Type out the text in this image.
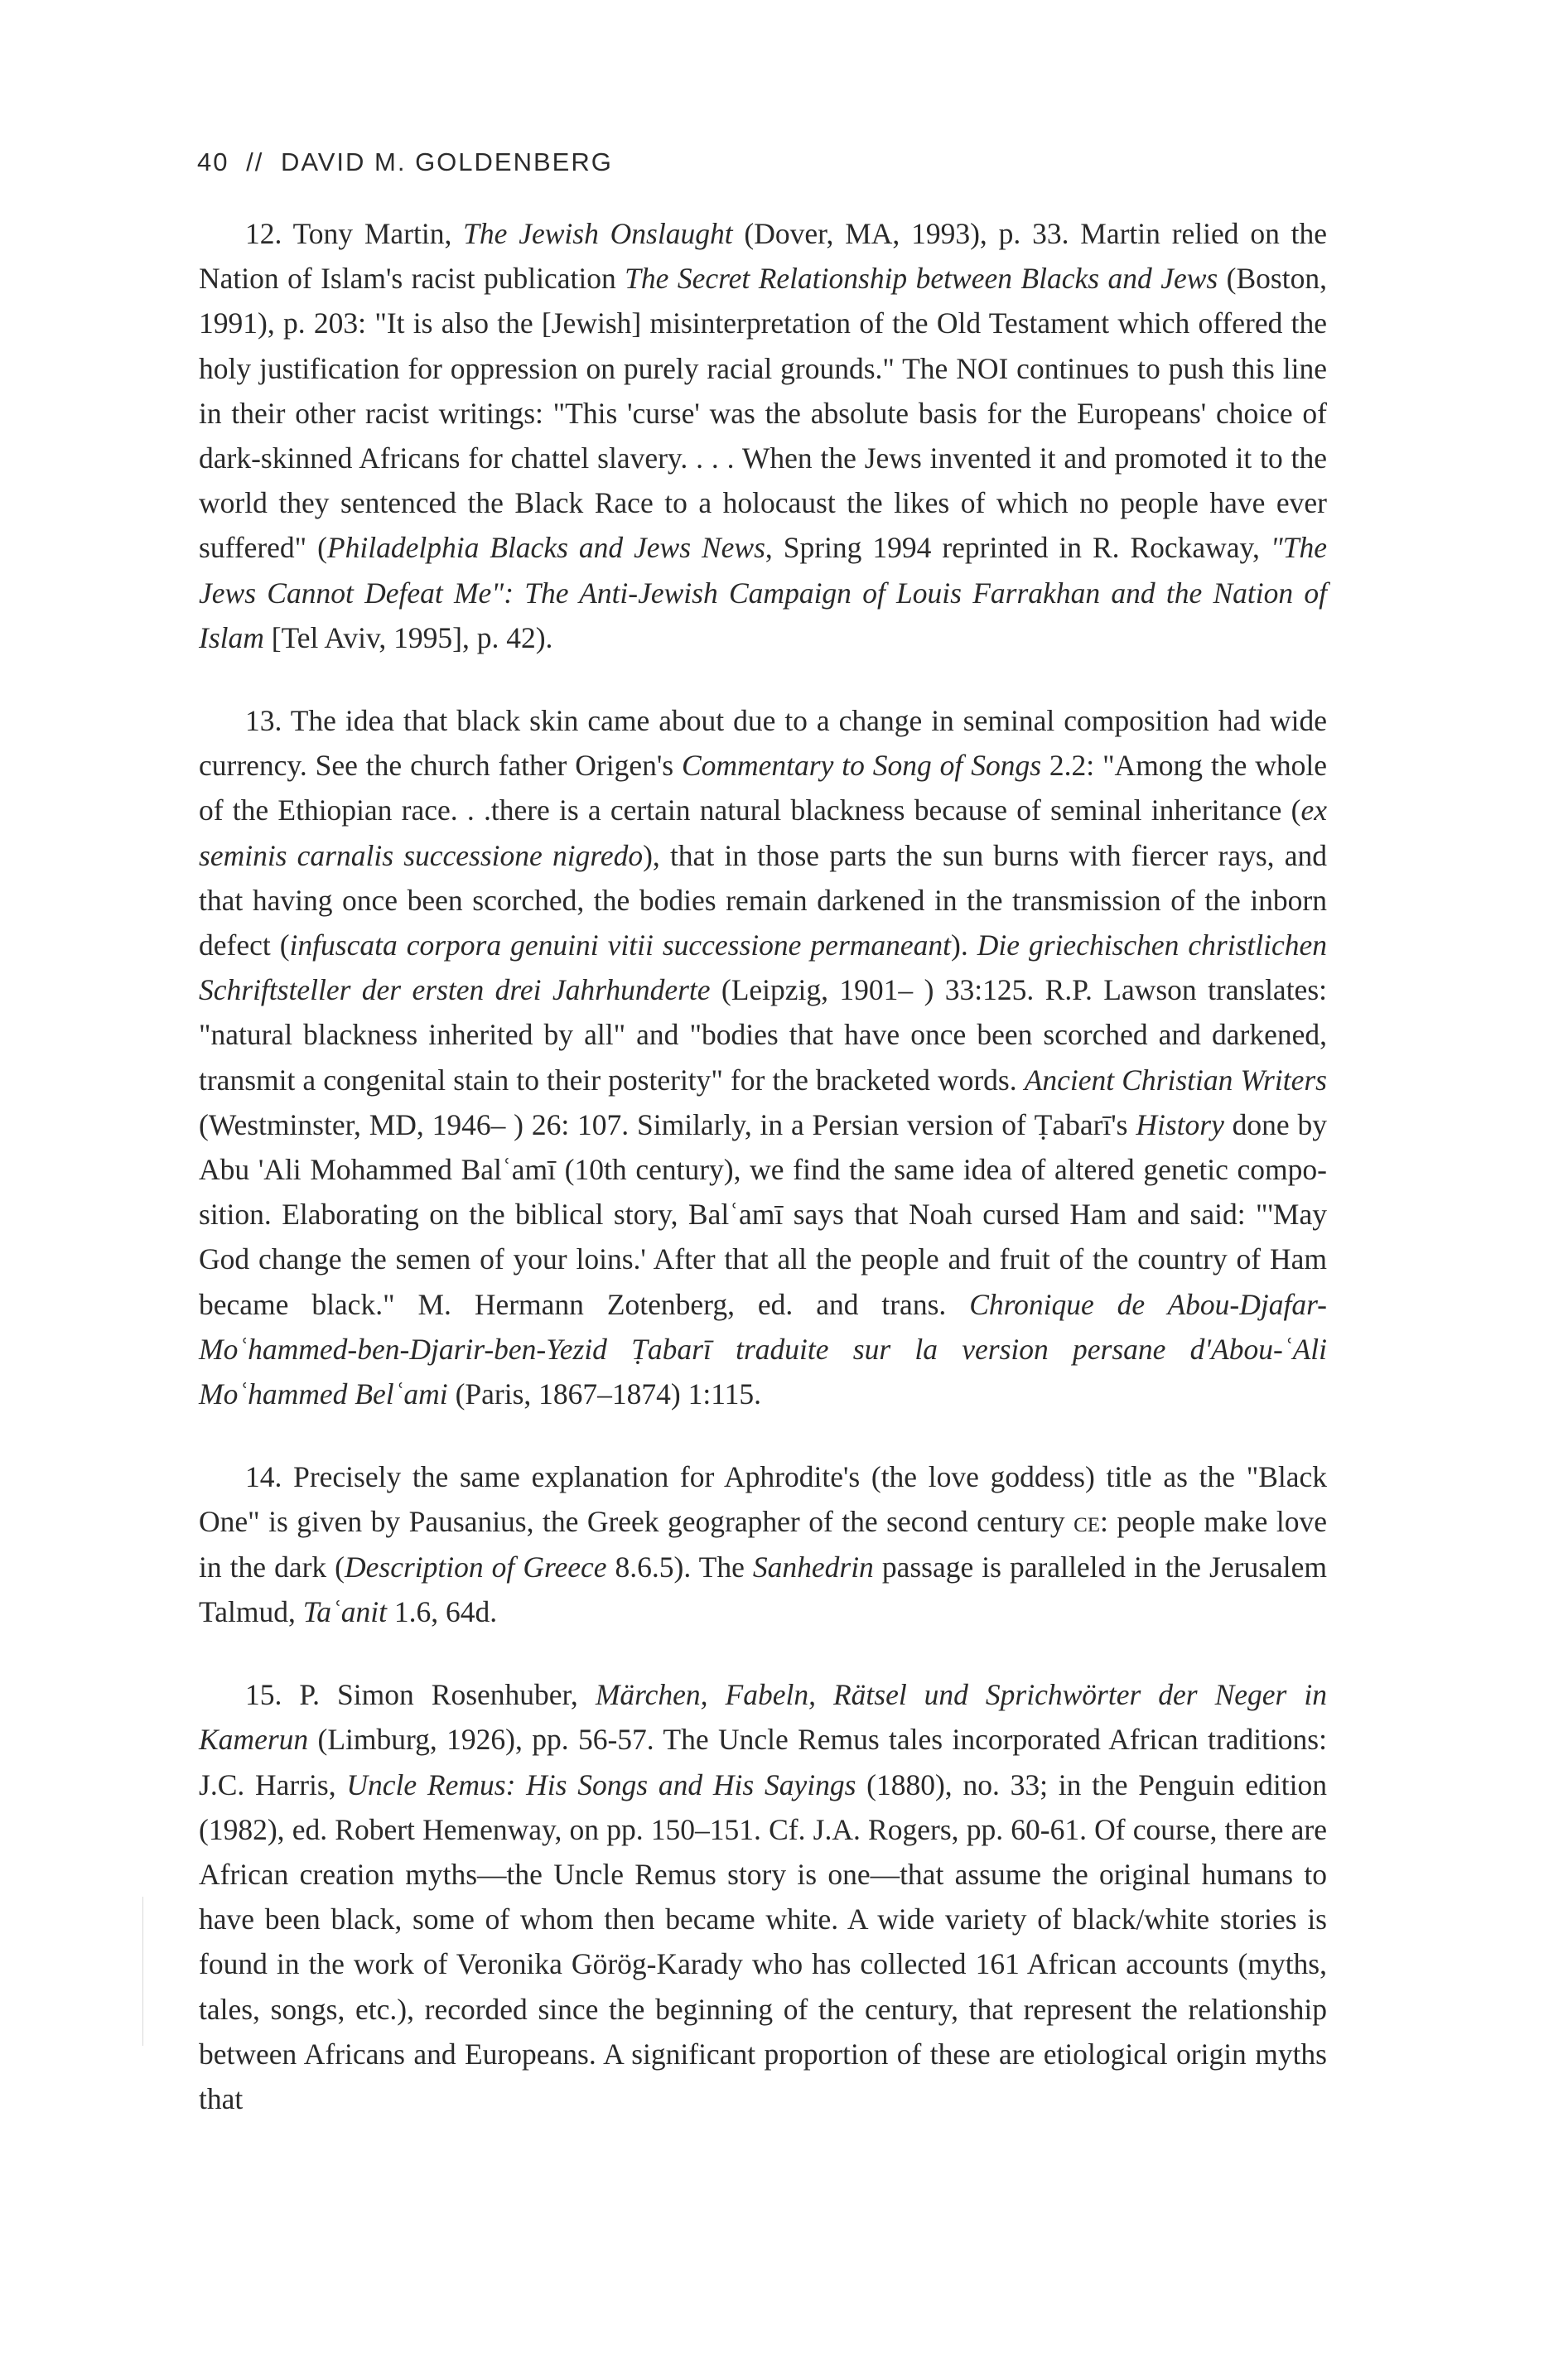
40 // DAVID M. GOLDENBERG

12. Tony Martin, The Jewish Onslaught (Dover, MA, 1993), p. 33. Martin relied on the Nation of Islam's racist publication The Secret Relationship between Blacks and Jews (Boston, 1991), p. 203: "It is also the [Jewish] misinterpretation of the Old Testament which offered the holy justification for oppression on purely racial grounds." The NOI continues to push this line in their other racist writings: "This 'curse' was the absolute basis for the Europeans' choice of dark-skinned Africans for chattel slavery. . . . When the Jews invented it and promoted it to the world they sentenced the Black Race to a holocaust the likes of which no people have ever suffered" (Philadelphia Blacks and Jews News, Spring 1994 reprinted in R. Rockaway, "The Jews Cannot Defeat Me": The Anti-Jewish Campaign of Louis Farrakhan and the Nation of Islam [Tel Aviv, 1995], p. 42).

13. The idea that black skin came about due to a change in seminal composition had wide currency. See the church father Origen's Commentary to Song of Songs 2.2: "Among the whole of the Ethiopian race. . .there is a certain natural blackness because of seminal inheritance (ex seminis carnalis successione nigredo), that in those parts the sun burns with fiercer rays, and that having once been scorched, the bodies remain darkened in the transmission of the inborn defect (infuscata corpora genuini vitii successione permaneant). Die griechischen christlichen Schriftsteller der ersten drei Jahrhunderte (Leipzig, 1901– ) 33:125. R.P. Lawson translates: "natural blackness inherited by all" and "bodies that have once been scorched and darkened, transmit a congenital stain to their posterity" for the bracketed words. Ancient Christian Writers (Westminster, MD, 1946– ) 26: 107. Similarly, in a Persian version of Ṭabarī's History done by Abu 'Ali Mohammed Balʿamī (10th century), we find the same idea of altered genetic composition. Elaborating on the biblical story, Balʿamī says that Noah cursed Ham and said: "'May God change the semen of your loins.' After that all the people and fruit of the country of Ham became black." M. Hermann Zotenberg, ed. and trans. Chronique de Abou-Djafar-Moʿhammed-ben-Djarir-ben-Yezid Ṭabarī traduite sur la version persane d'Abou-ʿAli Moʿhammed Belʿami (Paris, 1867–1874) 1:115.

14. Precisely the same explanation for Aphrodite's (the love goddess) title as the "Black One" is given by Pausanius, the Greek geographer of the second century ce: people make love in the dark (Description of Greece 8.6.5). The Sanhedrin passage is paralleled in the Jerusalem Talmud, Taʿanit 1.6, 64d.

15. P. Simon Rosenhuber, Märchen, Fabeln, Rätsel und Sprichwörter der Neger in Kamerun (Limburg, 1926), pp. 56-57. The Uncle Remus tales incorporated African traditions: J.C. Harris, Uncle Remus: His Songs and His Sayings (1880), no. 33; in the Penguin edition (1982), ed. Robert Hemenway, on pp. 150–151. Cf. J.A. Rogers, pp. 60-61. Of course, there are African creation myths—the Uncle Remus story is one—that assume the original humans to have been black, some of whom then became white. A wide variety of black/white stories is found in the work of Veronika Görög-Karady who has collected 161 African accounts (myths, tales, songs, etc.), recorded since the beginning of the century, that represent the relationship between Africans and Europeans. A significant proportion of these are etiological origin myths that
